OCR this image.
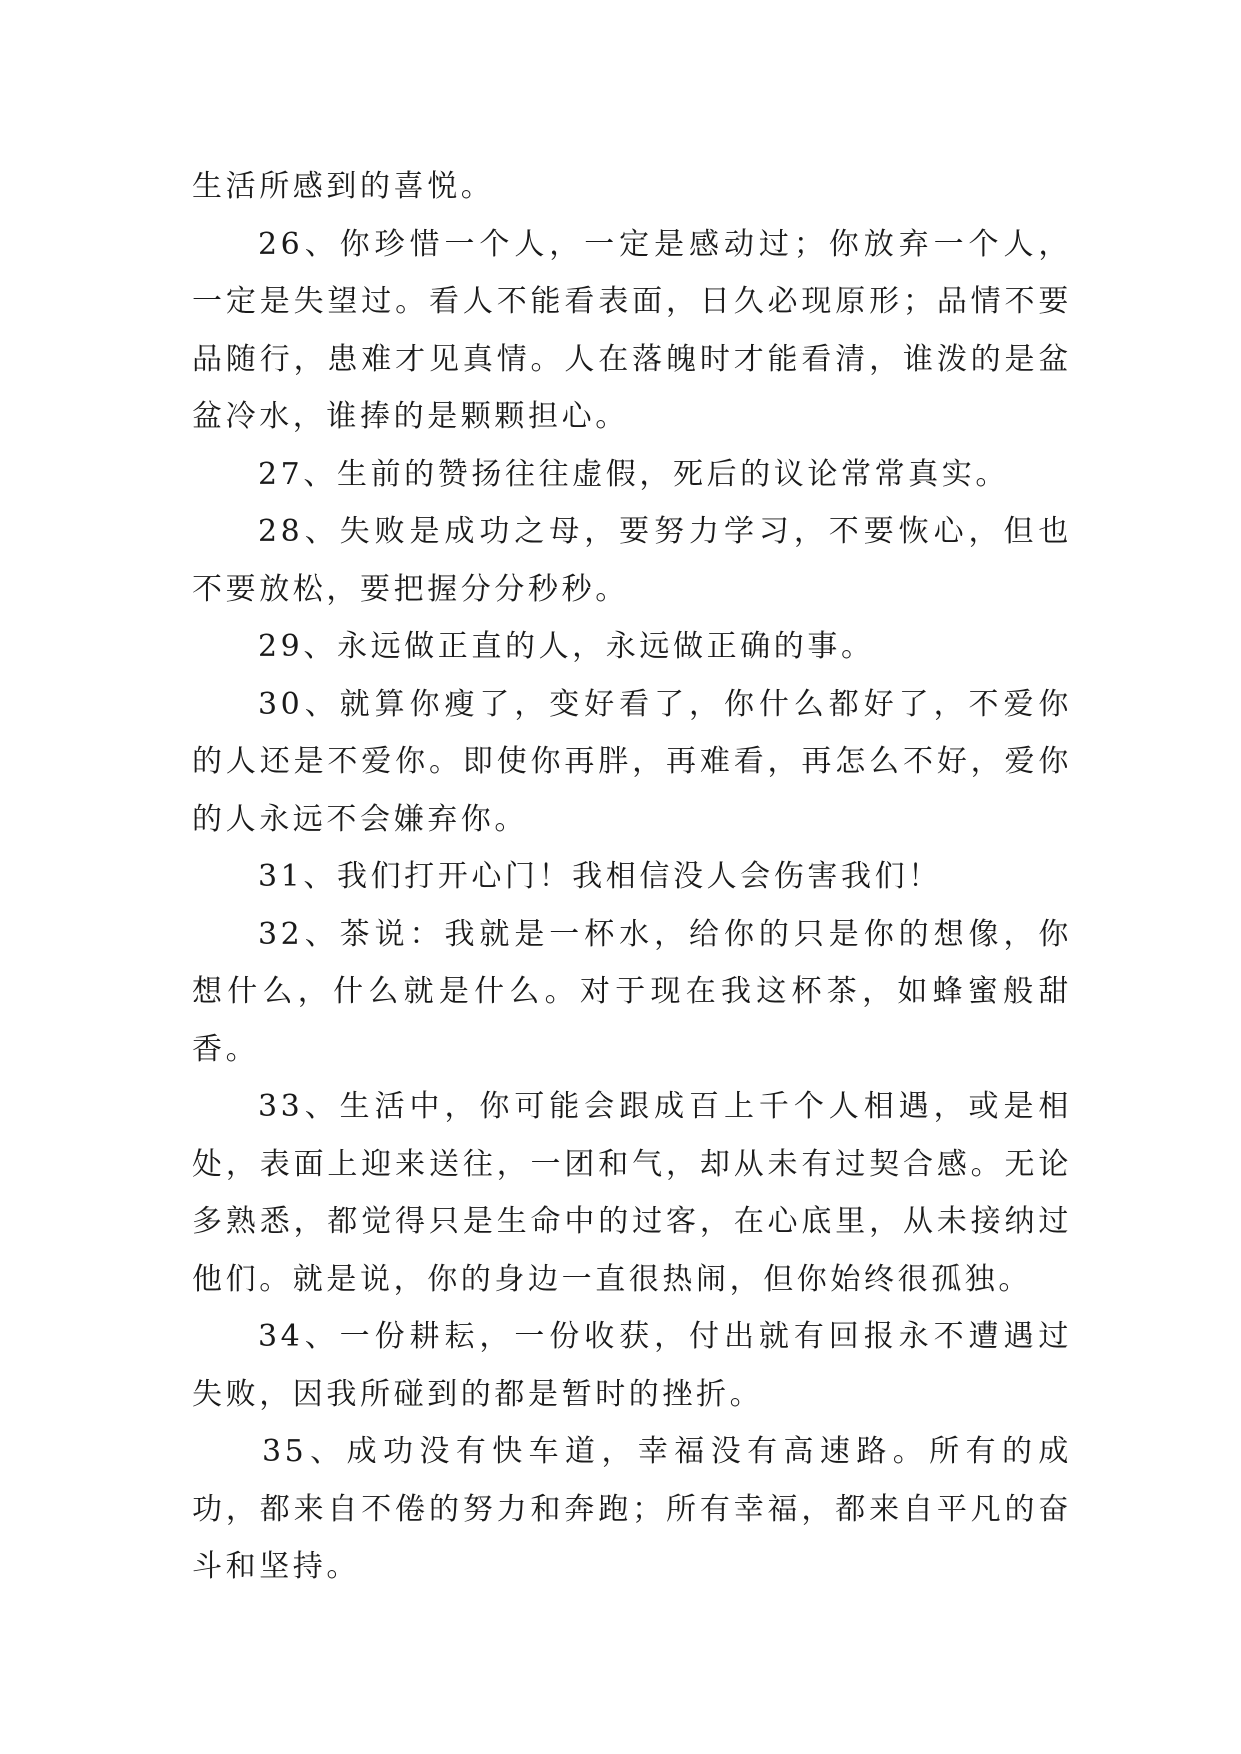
生活所感到的喜悦。

26、你珍惜一个人，一定是感动过；你放弃一个人，一定是失望过。看人不能看表面，日久必现原形；品情不要品随行，患难才见真情。人在落魄时才能看清，谁泼的是盆盆冷水，谁捧的是颗颗担心。

27、生前的赞扬往往虚假，死后的议论常常真实。

28、失败是成功之母，要努力学习，不要恢心，但也不要放松，要把握分分秒秒。

29、永远做正直的人，永远做正确的事。

30、就算你瘦了，变好看了，你什么都好了，不爱你的人还是不爱你。即使你再胖，再难看，再怎么不好，爱你的人永远不会嫌弃你。

31、我们打开心门！我相信没人会伤害我们！

32、茶说：我就是一杯水，给你的只是你的想像，你想什么，什么就是什么。对于现在我这杯茶，如蜂蜜般甜香。

33、生活中，你可能会跟成百上千个人相遇，或是相处，表面上迎来送往，一团和气，却从未有过契合感。无论多熟悉，都觉得只是生命中的过客，在心底里，从未接纳过他们。就是说，你的身边一直很热闹，但你始终很孤独。

34、一份耕耘，一份收获，付出就有回报永不遭遇过失败，因我所碰到的都是暂时的挫折。

35、成功没有快车道，幸福没有高速路。所有的成功，都来自不倦的努力和奔跑；所有幸福，都来自平凡的奋斗和坚持。
